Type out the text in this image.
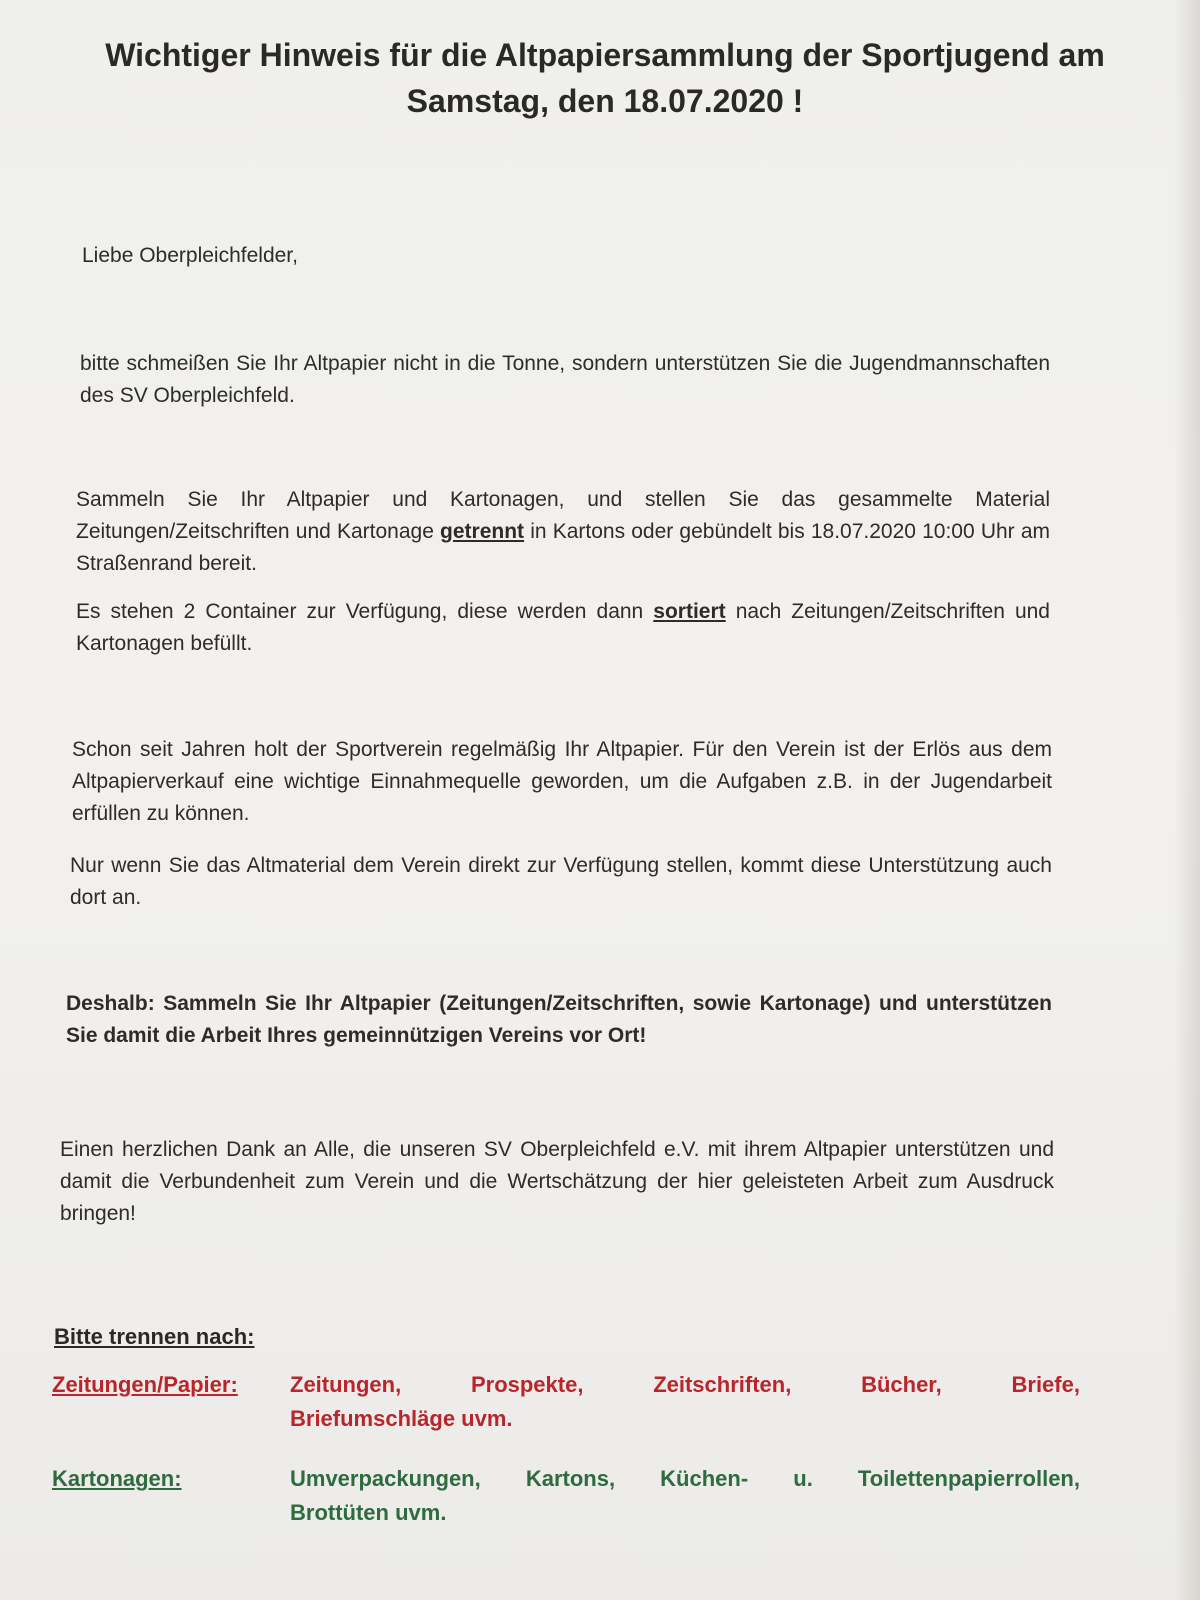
Wichtiger Hinweis für die Altpapiersammlung der Sportjugend am Samstag, den 18.07.2020 !

Liebe Oberpleichfelder,

bitte schmeißen Sie Ihr Altpapier nicht in die Tonne, sondern unterstützen Sie die Jugendmannschaften des SV Oberpleichfeld.

Sammeln Sie Ihr Altpapier und Kartonagen, und stellen Sie das gesammelte Material Zeitungen/Zeitschriften und Kartonage getrennt in Kartons oder gebündelt bis 18.07.2020 10:00 Uhr am Straßenrand bereit.

Es stehen 2 Container zur Verfügung, diese werden dann sortiert nach Zeitungen/Zeitschriften und Kartonagen befüllt.

Schon seit Jahren holt der Sportverein regelmäßig Ihr Altpapier. Für den Verein ist der Erlös aus dem Altpapierverkauf eine wichtige Einnahmequelle geworden, um die Aufgaben z.B. in der Jugendarbeit erfüllen zu können.

Nur wenn Sie das Altmaterial dem Verein direkt zur Verfügung stellen, kommt diese Unterstützung auch dort an.

Deshalb: Sammeln Sie Ihr Altpapier (Zeitungen/Zeitschriften, sowie Kartonage) und unterstützen Sie damit die Arbeit Ihres gemeinnützigen Vereins vor Ort!

Einen herzlichen Dank an Alle, die unseren SV Oberpleichfeld e.V. mit ihrem Altpapier unterstützen und damit die Verbundenheit zum Verein und die Wertschätzung der hier geleisteten Arbeit zum Ausdruck bringen!

Bitte trennen nach:

Zeitungen/Papier:	Zeitungen,	Prospekte,	Zeitschriften,	Bücher,	Briefe,
Briefumschläge uvm.
Kartonagen:	Umverpackungen, Kartons, Küchen- u. Toilettenpapierrollen,
Brottüten uvm.
